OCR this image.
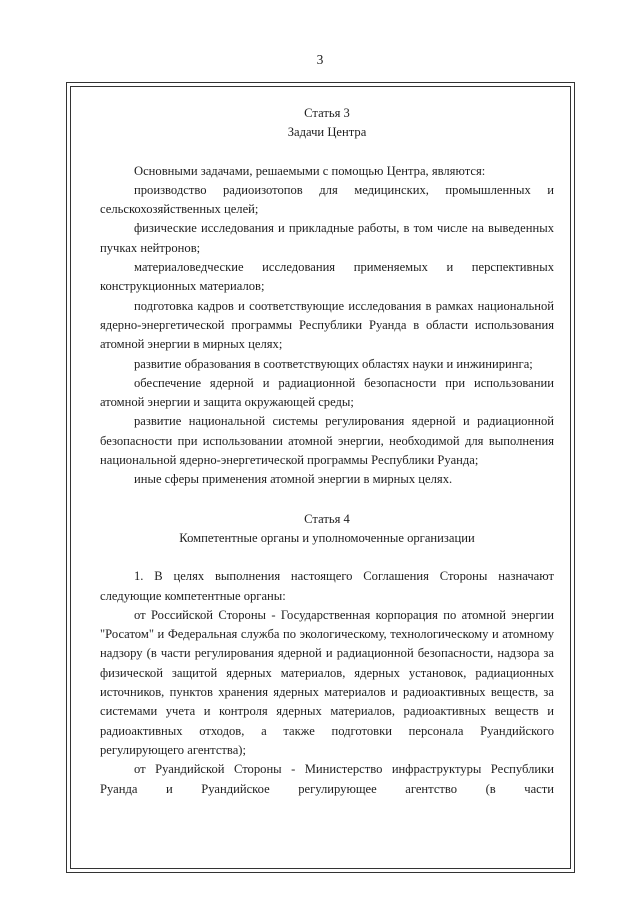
3

Статья 3

Задачи Центра

Основными задачами, решаемыми с помощью Центра, являются:

производство радиоизотопов для медицинских, промышленных и сельскохозяйственных целей;

физические исследования и прикладные работы, в том числе на выведенных пучках нейтронов;

материаловедческие исследования применяемых и перспективных конструкционных материалов;

подготовка кадров и соответствующие исследования в рамках национальной ядерно-энергетической программы Республики Руанда в области использования атомной энергии в мирных целях;

развитие образования в соответствующих областях науки и инжиниринга;

обеспечение ядерной и радиационной безопасности при использовании атомной энергии и защита окружающей среды;

развитие национальной системы регулирования ядерной и радиационной безопасности при использовании атомной энергии, необходимой для выполнения национальной ядерно-энергетической программы Республики Руанда;

иные сферы применения атомной энергии в мирных целях.

Статья 4

Компетентные органы и уполномоченные организации

1. В целях выполнения настоящего Соглашения Стороны назначают следующие компетентные органы:

от Российской Стороны - Государственная корпорация по атомной энергии "Росатом" и Федеральная служба по экологическому, технологическому и атомному надзору (в части регулирования ядерной и радиационной безопасности, надзора за физической защитой ядерных материалов, ядерных установок, радиационных источников, пунктов хранения ядерных материалов и радиоактивных веществ, за системами учета и контроля ядерных материалов, радиоактивных веществ и радиоактивных отходов, а также подготовки персонала Руандийского регулирующего агентства);

от Руандийской Стороны - Министерство инфраструктуры Республики Руанда и Руандийское регулирующее агентство (в части
